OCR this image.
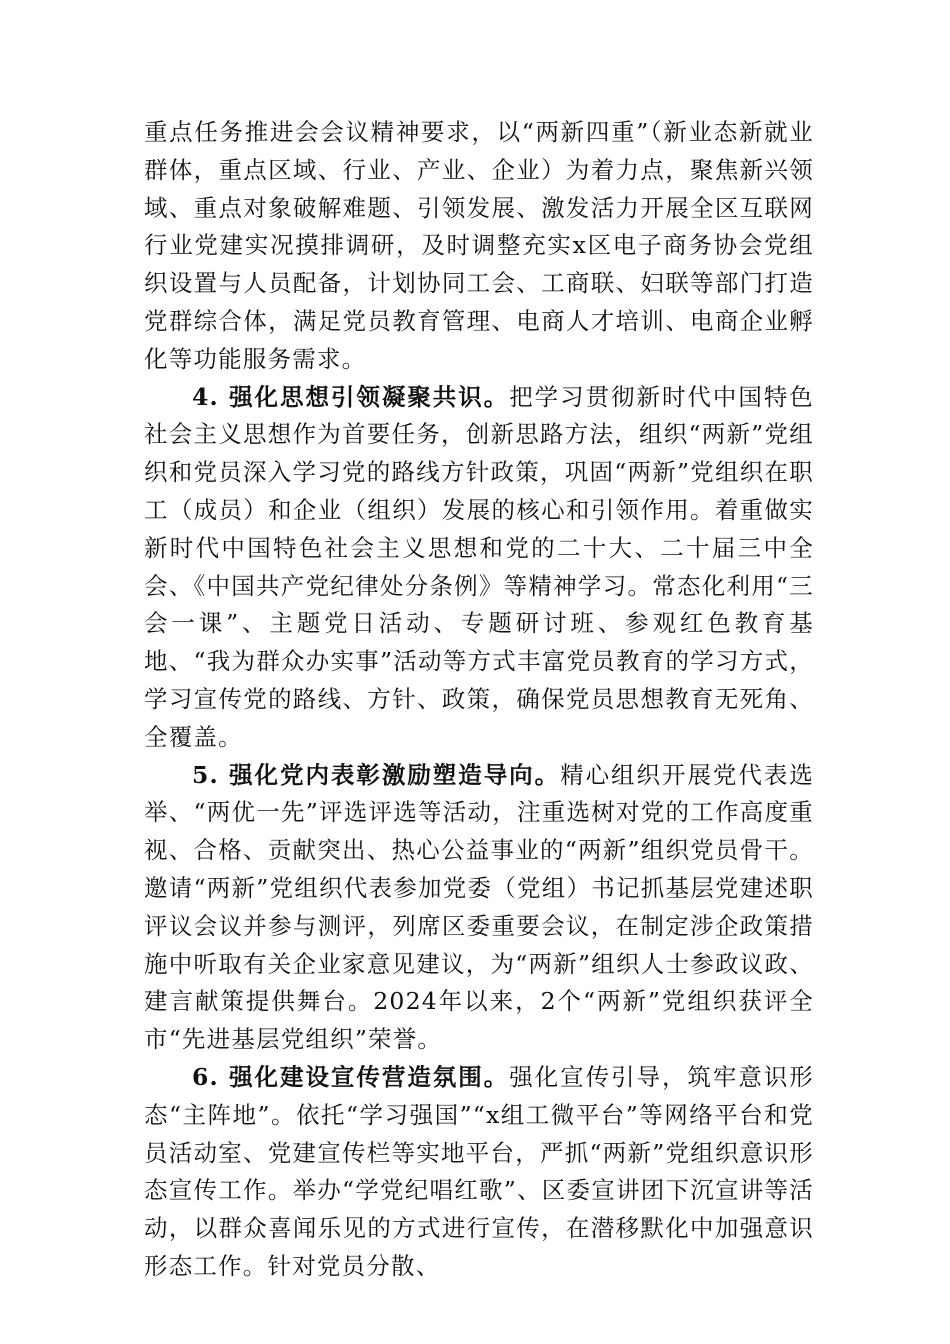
重点任务推进会会议精神要求，以“两新四重”（新业态新就业群体，重点区域、行业、产业、企业）为着力点，聚焦新兴领域、重点对象破解难题、引领发展、激发活力开展全区互联网行业党建实况摸排调研，及时调整充实x区电子商务协会党组织设置与人员配备，计划协同工会、工商联、妇联等部门打造党群综合体，满足党员教育管理、电商人才培训、电商企业孵化等功能服务需求。

4. 强化思想引领凝聚共识。把学习贯彻新时代中国特色社会主义思想作为首要任务，创新思路方法，组织“两新”党组织和党员深入学习党的路线方针政策，巩固“两新”党组织在职工（成员）和企业（组织）发展的核心和引领作用。着重做实新时代中国特色社会主义思想和党的二十大、二十届三中全会、《中国共产党纪律处分条例》等精神学习。常态化利用“三会一课”、主题党日活动、专题研讨班、参观红色教育基地、“我为群众办实事”活动等方式丰富党员教育的学习方式，学习宣传党的路线、方针、政策，确保党员思想教育无死角、全覆盖。

5. 强化党内表彰激励塑造导向。精心组织开展党代表选举、“两优一先”评选评选等活动，注重选树对党的工作高度重视、合格、贡献突出、热心公益事业的“两新”组织党员骨干。邀请“两新”党组织代表参加党委（党组）书记抓基层党建述职评议会议并参与测评，列席区委重要会议，在制定涉企政策措施中听取有关企业家意见建议，为“两新”组织人士参政议政、建言献策提供舞台。2024年以来，2个“两新”党组织获评全市“先进基层党组织”荣誉。

6. 强化建设宣传营造氛围。强化宣传引导，筑牢意识形态“主阵地”。依托“学习强国”“x组工微平台”等网络平台和党员活动室、党建宣传栏等实地平台，严抓“两新”党组织意识形态宣传工作。举办“学党纪唱红歌”、区委宣讲团下沉宣讲等活动，以群众喜闻乐见的方式进行宣传，在潜移默化中加强意识形态工作。针对党员分散、
